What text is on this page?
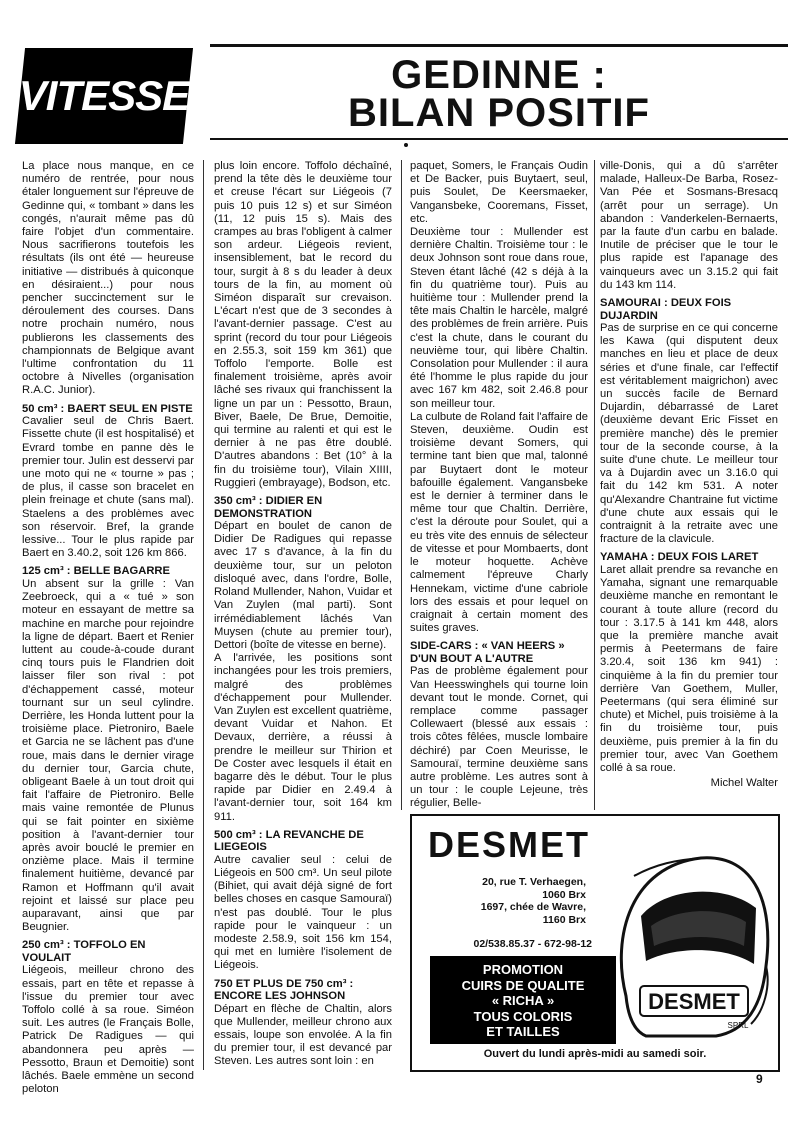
VITESSE	GEDINNE :
BILAN POSITIF

La place nous manque, en ce numéro de rentrée, pour nous étaler longuement sur l'épreuve de Gedinne qui, « tombant » dans les congés, n'aurait même pas dû faire l'objet d'un commentaire. Nous sacrifierons toutefois les résultats (ils ont été — heureuse initiative — distribués à quiconque en désiraient...) pour nous pencher succinctement sur le déroulement des courses. Dans notre prochain numéro, nous publierons les classements des championnats de Belgique avant l'ultime confrontation du 11 octobre à Nivelles (organisation R.A.C. Junior).

50 cm³ : BAERT SEUL EN PISTE

Cavalier seul de Chris Baert. Fissette chute (il est hospitalisé) et Evrard tombe en panne dès le premier tour. Julin est desservi par une moto qui ne « tourne » pas ; de plus, il casse son bracelet en plein freinage et chute (sans mal). Staelens a des problèmes avec son réservoir. Bref, la grande lessive... Tour le plus rapide par Baert en 3.40.2, soit 126 km 866.

125 cm³ : BELLE BAGARRE

Un absent sur la grille : Van Zeebroeck, qui a « tué » son moteur en essayant de mettre sa machine en marche pour rejoindre la ligne de départ. Baert et Renier luttent au coude-à-coude durant cinq tours puis le Flandrien doit laisser filer son rival : pot d'échappement cassé, moteur tournant sur un seul cylindre. Derrière, les Honda luttent pour la troisième place. Pietroniro, Baele et Garcia ne se lâchent pas d'une roue, mais dans le dernier virage du dernier tour, Garcia chute, obligeant Baele à un tout droit qui fait l'affaire de Pietroniro. Belle mais vaine remontée de Plunus qui se fait pointer en sixième position à l'avant-dernier tour après avoir bouclé le premier en onzième place. Mais il termine finalement huitième, devancé par Ramon et Hoffmann qu'il avait rejoint et laissé sur place peu auparavant, ainsi que par Beugnier.

250 cm³ : TOFFOLO EN VOULAIT

Liégeois, meilleur chrono des essais, part en tête et repasse à l'issue du premier tour avec Toffolo collé à sa roue. Siméon suit. Les autres (le Français Bolle, Patrick De Radigues — qui abandonnera peu après — Pessotto, Braun et Demoitie) sont lâchés. Baele emmène un second peloton

plus loin encore. Toffolo déchaîné, prend la tête dès le deuxième tour et creuse l'écart sur Liégeois (7 puis 10 puis 12 s) et sur Siméon (11, 12 puis 15 s). Mais des crampes au bras l'obligent à calmer son ardeur. Liégeois revient, insensiblement, bat le record du tour, surgit à 8 s du leader à deux tours de la fin, au moment où Siméon disparaît sur crevaison. L'écart n'est que de 3 secondes à l'avant-dernier passage. C'est au sprint (record du tour pour Liégeois en 2.55.3, soit 159 km 361) que Toffolo l'emporte. Bolle est finalement troisième, après avoir lâché ses rivaux qui franchissent la ligne un par un : Pessotto, Braun, Biver, Baele, De Brue, Demoitie, qui termine au ralenti et qui est le dernier à ne pas être doublé. D'autres abandons : Bet (10° à la fin du troisième tour), Vilain XIIII, Ruggieri (embrayage), Bodson, etc.

350 cm³ : DIDIER EN DEMONSTRATION

Départ en boulet de canon de Didier De Radigues qui repasse avec 17 s d'avance, à la fin du deuxième tour, sur un peloton disloqué avec, dans l'ordre, Bolle, Roland Mullender, Nahon, Vuidar et Van Zuylen (mal parti). Sont irrémédiablement lâchés Van Muysen (chute au premier tour), Dettori (boîte de vitesse en berne).

A l'arrivée, les positions sont inchangées pour les trois premiers, malgré des problèmes d'échappement pour Mullender. Van Zuylen est excellent quatrième, devant Vuidar et Nahon. Et Devaux, derrière, a réussi à prendre le meilleur sur Thirion et De Coster avec lesquels il était en bagarre dès le début. Tour le plus rapide par Didier en 2.49.4 à l'avant-dernier tour, soit 164 km 911.

500 cm³ : LA REVANCHE DE LIEGEOIS

Autre cavalier seul : celui de Liégeois en 500 cm³. Un seul pilote (Bihiet, qui avait déjà signé de fort belles choses en casque Samouraï) n'est pas doublé. Tour le plus rapide pour le vainqueur : un modeste 2.58.9, soit 156 km 154, qui met en lumière l'isolement de Liégeois.

750 ET PLUS DE 750 cm³ : ENCORE LES JOHNSON

Départ en flèche de Chaltin, alors que Mullender, meilleur chrono aux essais, loupe son envolée. A la fin du premier tour, il est devancé par Steven. Les autres sont loin : en

paquet, Somers, le Français Oudin et De Backer, puis Buytaert, seul, puis Soulet, De Keersmaeker, Vangansbeke, Cooremans, Fisset, etc.

Deuxième tour : Mullender est dernière Chaltin. Troisième tour : le deux Johnson sont roue dans roue, Steven étant lâché (42 s déjà à la fin du quatrième tour). Puis au huitième tour : Mullender prend la tête mais Chaltin le harcèle, malgré des problèmes de frein arrière. Puis c'est la chute, dans le courant du neuvième tour, qui libère Chaltin. Consolation pour Mullender : il aura été l'homme le plus rapide du jour avec 167 km 482, soit 2.46.8 pour son meilleur tour.

La culbute de Roland fait l'affaire de Steven, deuxième. Oudin est troisième devant Somers, qui termine tant bien que mal, talonné par Buytaert dont le moteur bafouille également. Vangansbeke est le dernier à terminer dans le même tour que Chaltin. Derrière, c'est la déroute pour Soulet, qui a eu très vite des ennuis de sélecteur de vitesse et pour Mombaerts, dont le moteur hoquette. Achève calmement l'épreuve Charly Hennekam, victime d'une cabriole lors des essais et pour lequel on craignait à certain moment des suites graves.

SIDE-CARS : « VAN HEERS » D'UN BOUT A L'AUTRE

Pas de problème également pour Van Heesswinghels qui tourne loin devant tout le monde. Cornet, qui remplace comme passager Collewaert (blessé aux essais : trois côtes fêlées, muscle lombaire déchiré) par Coen Meurisse, le Samouraï, termine deuxième sans autre problème. Les autres sont à un tour : le couple Lejeune, très régulier, Belle-

ville-Donis, qui a dû s'arrêter malade, Halleux-De Barba, Rosez-Van Pée et Sosmans-Bresacq (arrêt pour un serrage). Un abandon : Vanderkelen-Bernaerts, par la faute d'un carbu en balade. Inutile de préciser que le tour le plus rapide est l'apanage des vainqueurs avec un 3.15.2 qui fait du 143 km 114.

SAMOURAI : DEUX FOIS DUJARDIN

Pas de surprise en ce qui concerne les Kawa (qui disputent deux manches en lieu et place de deux séries et d'une finale, car l'effectif est véritablement maigrichon) avec un succès facile de Bernard Dujardin, débarrassé de Laret (deuxième devant Eric Fisset en première manche) dès le premier tour de la seconde course, à la suite d'une chute. Le meilleur tour va à Dujardin avec un 3.16.0 qui fait du 142 km 531. A noter qu'Alexandre Chantraine fut victime d'une chute aux essais qui le contraignit à la retraite avec une fracture de la clavicule.

YAMAHA : DEUX FOIS LARET

Laret allait prendre sa revanche en Yamaha, signant une remarquable deuxième manche en remontant le courant à toute allure (record du tour : 3.17.5 à 141 km 448, alors que la première manche avait permis à Peetermans de faire 3.20.4, soit 136 km 941) : cinquième à la fin du premier tour derrière Van Goethem, Muller, Peetermans (qui sera éliminé sur chute) et Michel, puis troisième à la fin du troisième tour, puis deuxième, puis premier à la fin du premier tour, avec Van Goethem collé à sa roue.

Michel Walter

DESMET
20, rue T. Verhaegen,
1060 Brx
1697, chée de Wavre,
1160 Brx
02/538.85.37 - 672-98-12
PROMOTION
CUIRS DE QUALITE
« RICHA »
TOUS COLORIS
ET TAILLES
DESMET
SPRL
Ouvert du lundi après-midi au samedi soir.
9
